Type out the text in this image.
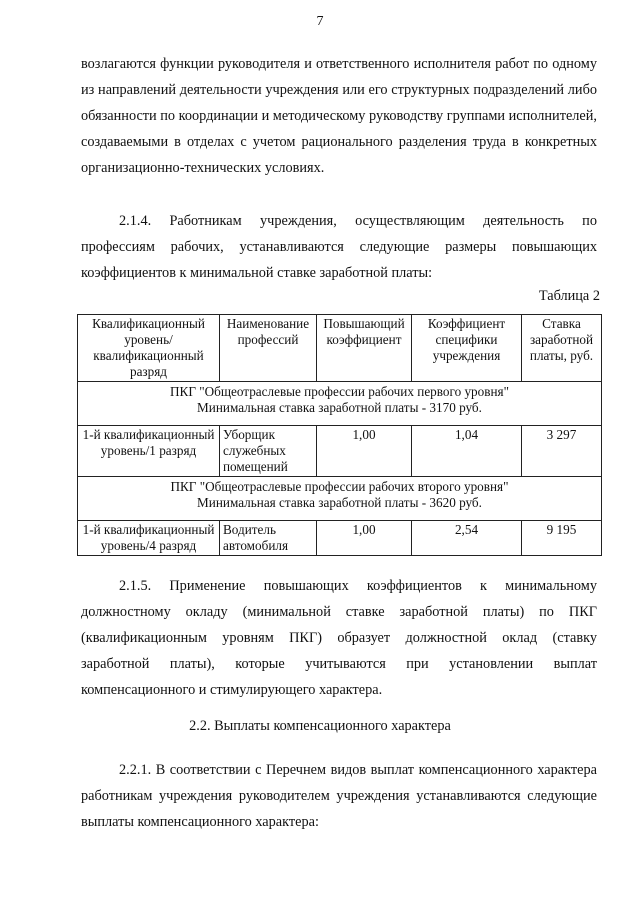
7
возлагаются функции руководителя и ответственного исполнителя работ по одному из направлений деятельности учреждения или его структурных подразделений либо обязанности по координации и методическому руководству группами исполнителей, создаваемыми в отделах с учетом рационального разделения труда в конкретных организационно-технических условиях.
2.1.4. Работникам учреждения, осуществляющим деятельность по профессиям рабочих, устанавливаются следующие размеры повышающих коэффициентов к минимальной ставке заработной платы:
Таблица 2
Квалификационный уровень/ квалификационный разряд	Наименование профессий	Повышающий коэффициент	Коэффициент специфики учреждения	Ставка заработной платы, руб.

ПКГ "Общеотраслевые профессии рабочих первого уровня"
Минимальная ставка заработной платы - 3170 руб.				

1-й квалификационный уровень/1 разряд	Уборщик служебных помещений	1,00	1,04	3 297

ПКГ "Общеотраслевые профессии рабочих второго уровня"
Минимальная ставка заработной платы - 3620 руб.				

1-й квалификационный уровень/4 разряд	Водитель автомобиля	1,00	2,54	9 195
2.1.5. Применение повышающих коэффициентов к минимальному должностному окладу (минимальной ставке заработной платы) по ПКГ (квалификационным уровням ПКГ) образует должностной оклад (ставку заработной платы), которые учитываются при установлении выплат компенсационного и стимулирующего характера.
2.2. Выплаты компенсационного характера
2.2.1. В соответствии с Перечнем видов выплат компенсационного характера работникам учреждения руководителем учреждения устанавливаются следующие выплаты компенсационного характера:
